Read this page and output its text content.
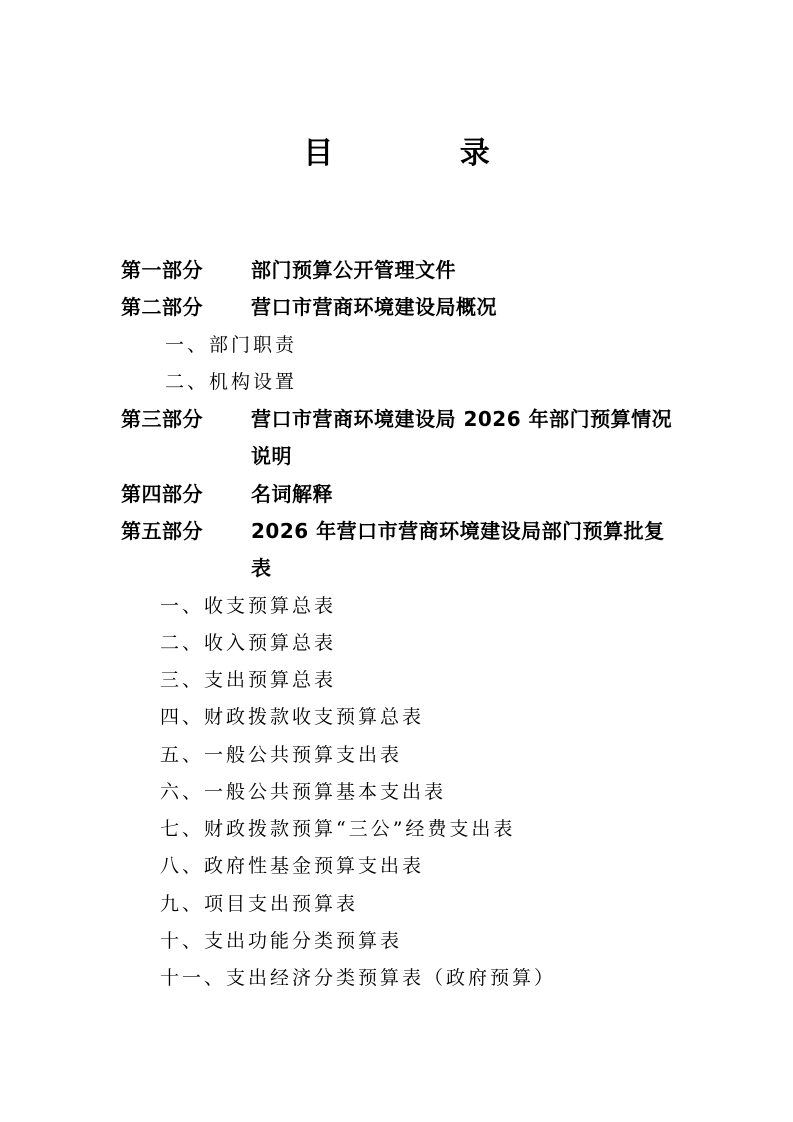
目 录
第一部分 部门预算公开管理文件
第二部分 营口市营商环境建设局概况
一、部门职责
二、机构设置
第三部分 营口市营商环境建设局 2026 年部门预算情况
说明
第四部分 名词解释
第五部分 2026 年营口市营商环境建设局部门预算批复
表
一、收支预算总表
二、收入预算总表
三、支出预算总表
四、财政拨款收支预算总表
五、一般公共预算支出表
六、一般公共预算基本支出表
七、财政拨款预算“三公”经费支出表
八、政府性基金预算支出表
九、项目支出预算表
十、支出功能分类预算表
十一、支出经济分类预算表（政府预算）
